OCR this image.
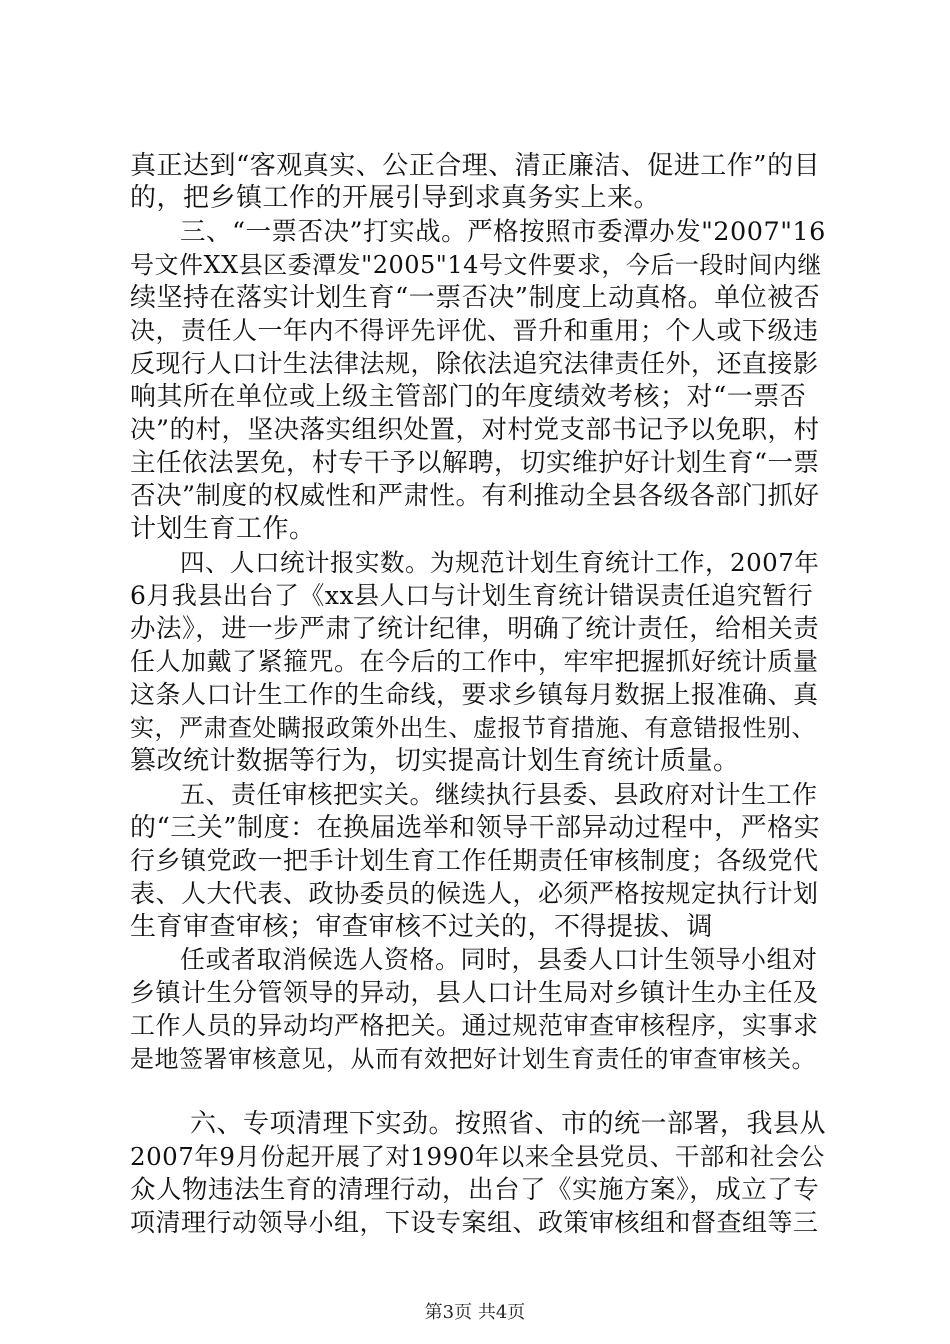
真正达到“客观真实、公正合理、清正廉洁、促进工作”的目
的，把乡镇工作的开展引导到求真务实上来。
三、“一票否决”打实战。严格按照市委潭办发"2007"16
号文件XX县区委潭发"2005"14号文件要求，今后一段时间内继
续坚持在落实计划生育“一票否决”制度上动真格。单位被否
决，责任人一年内不得评先评优、晋升和重用；个人或下级违
反现行人口计生法律法规，除依法追究法律责任外，还直接影
响其所在单位或上级主管部门的年度绩效考核；对“一票否
决”的村，坚决落实组织处置，对村党支部书记予以免职，村
主任依法罢免，村专干予以解聘，切实维护好计划生育“一票
否决”制度的权威性和严肃性。有利推动全县各级各部门抓好
计划生育工作。
四、人口统计报实数。为规范计划生育统计工作，2007年
6月我县出台了《xx县人口与计划生育统计错误责任追究暂行
办法》，进一步严肃了统计纪律，明确了统计责任，给相关责
任人加戴了紧箍咒。在今后的工作中，牢牢把握抓好统计质量
这条人口计生工作的生命线，要求乡镇每月数据上报准确、真
实，严肃查处瞒报政策外出生、虚报节育措施、有意错报性别、
篡改统计数据等行为，切实提高计划生育统计质量。
五、责任审核把实关。继续执行县委、县政府对计生工作
的“三关”制度：在换届选举和领导干部异动过程中，严格实
行乡镇党政一把手计划生育工作任期责任审核制度；各级党代
表、人大代表、政协委员的候选人，必须严格按规定执行计划
生育审查审核；审查审核不过关的，不得提拔、调
任或者取消候选人资格。同时，县委人口计生领导小组对
乡镇计生分管领导的异动，县人口计生局对乡镇计生办主任及
工作人员的异动均严格把关。通过规范审查审核程序，实事求
是地签署审核意见，从而有效把好计划生育责任的审查审核关。
六、专项清理下实劲。按照省、市的统一部署，我县从
2007年9月份起开展了对1990年以来全县党员、干部和社会公
众人物违法生育的清理行动，出台了《实施方案》，成立了专
项清理行动领导小组，下设专案组、政策审核组和督查组等三
第3页 共4页
